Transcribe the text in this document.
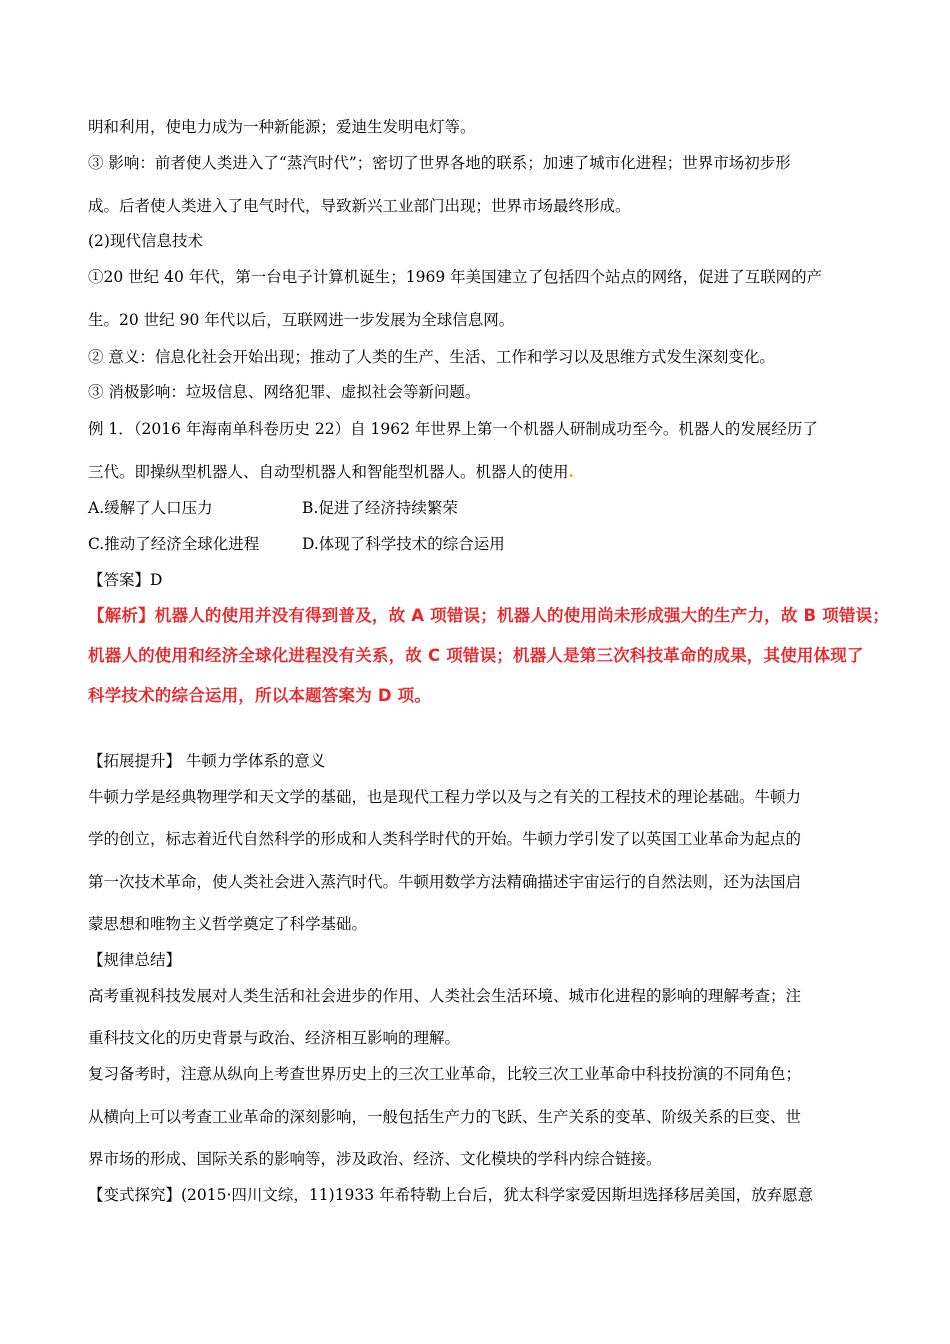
明和利用，使电力成为一种新能源；爱迪生发明电灯等。
③ 影响：前者使人类进入了“蒸汽时代”；密切了世界各地的联系；加速了城市化进程；世界市场初步形
成。后者使人类进入了电气时代，导致新兴工业部门出现；世界市场最终形成。
(2)现代信息技术
①20 世纪 40 年代，第一台电子计算机诞生；1969 年美国建立了包括四个站点的网络，促进了互联网的产
生。20 世纪 90 年代以后，互联网进一步发展为全球信息网。
② 意义：信息化社会开始出现；推动了人类的生产、生活、工作和学习以及思维方式发生深刻变化。
③ 消极影响：垃圾信息、网络犯罪、虚拟社会等新问题。
例 1．（2016 年海南单科卷历史 22）自 1962 年世界上第一个机器人研制成功至今。机器人的发展经历了
三代。即操纵型机器人、自动型机器人和智能型机器人。机器人的使用.
A.缓解了人口压力	B.促进了经济持续繁荣
C.推动了经济全球化进程	D.体现了科学技术的综合运用
【答案】D
【解析】机器人的使用并没有得到普及，故 A 项错误；机器人的使用尚未形成强大的生产力，故 B 项错误；
机器人的使用和经济全球化进程没有关系，故 C 项错误；机器人是第三次科技革命的成果，其使用体现了
科学技术的综合运用，所以本题答案为 D 项。
【拓展提升】 牛顿力学体系的意义
牛顿力学是经典物理学和天文学的基础，也是现代工程力学以及与之有关的工程技术的理论基础。牛顿力
学的创立，标志着近代自然科学的形成和人类科学时代的开始。牛顿力学引发了以英国工业革命为起点的
第一次技术革命，使人类社会进入蒸汽时代。牛顿用数学方法精确描述宇宙运行的自然法则，还为法国启
蒙思想和唯物主义哲学奠定了科学基础。
【规律总结】
高考重视科技发展对人类生活和社会进步的作用、人类社会生活环境、城市化进程的影响的理解考查；注
重科技文化的历史背景与政治、经济相互影响的理解。
复习备考时，注意从纵向上考查世界历史上的三次工业革命，比较三次工业革命中科技扮演的不同角色；
从横向上可以考查工业革命的深刻影响，一般包括生产力的飞跃、生产关系的变革、阶级关系的巨变、世
界市场的形成、国际关系的影响等，涉及政治、经济、文化模块的学科内综合链接。
【变式探究】(2015·四川文综，11)1933 年希特勒上台后，犹太科学家爱因斯坦选择移居美国，放弃愿意
